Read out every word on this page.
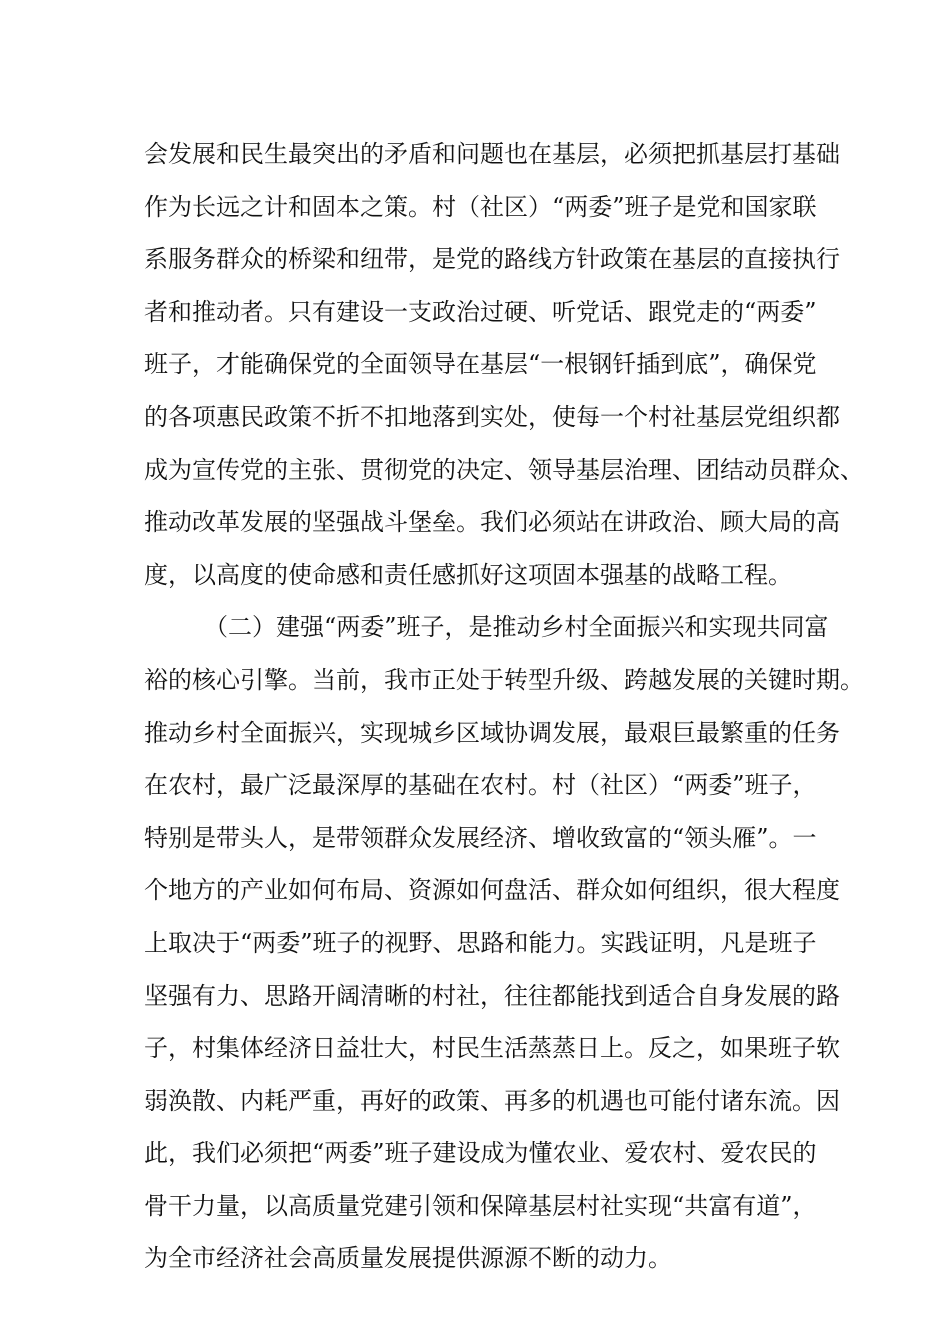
会发展和民生最突出的矛盾和问题也在基层，必须把抓基层打基础
作为长远之计和固本之策。村（社区）“两委”班子是党和国家联
系服务群众的桥梁和纽带，是党的路线方针政策在基层的直接执行
者和推动者。只有建设一支政治过硬、听党话、跟党走的“两委”
班子，才能确保党的全面领导在基层“一根钢钎插到底”，确保党
的各项惠民政策不折不扣地落到实处，使每一个村社基层党组织都
成为宣传党的主张、贯彻党的决定、领导基层治理、团结动员群众、
推动改革发展的坚强战斗堡垒。我们必须站在讲政治、顾大局的高
度，以高度的使命感和责任感抓好这项固本强基的战略工程。
（二）建强“两委”班子，是推动乡村全面振兴和实现共同富
裕的核心引擎。当前，我市正处于转型升级、跨越发展的关键时期。
推动乡村全面振兴，实现城乡区域协调发展，最艰巨最繁重的任务
在农村，最广泛最深厚的基础在农村。村（社区）“两委”班子，
特别是带头人，是带领群众发展经济、增收致富的“领头雁”。一
个地方的产业如何布局、资源如何盘活、群众如何组织，很大程度
上取决于“两委”班子的视野、思路和能力。实践证明，凡是班子
坚强有力、思路开阔清晰的村社，往往都能找到适合自身发展的路
子，村集体经济日益壮大，村民生活蒸蒸日上。反之，如果班子软
弱涣散、内耗严重，再好的政策、再多的机遇也可能付诸东流。因
此，我们必须把“两委”班子建设成为懂农业、爱农村、爱农民的
骨干力量，以高质量党建引领和保障基层村社实现“共富有道”，
为全市经济社会高质量发展提供源源不断的动力。
